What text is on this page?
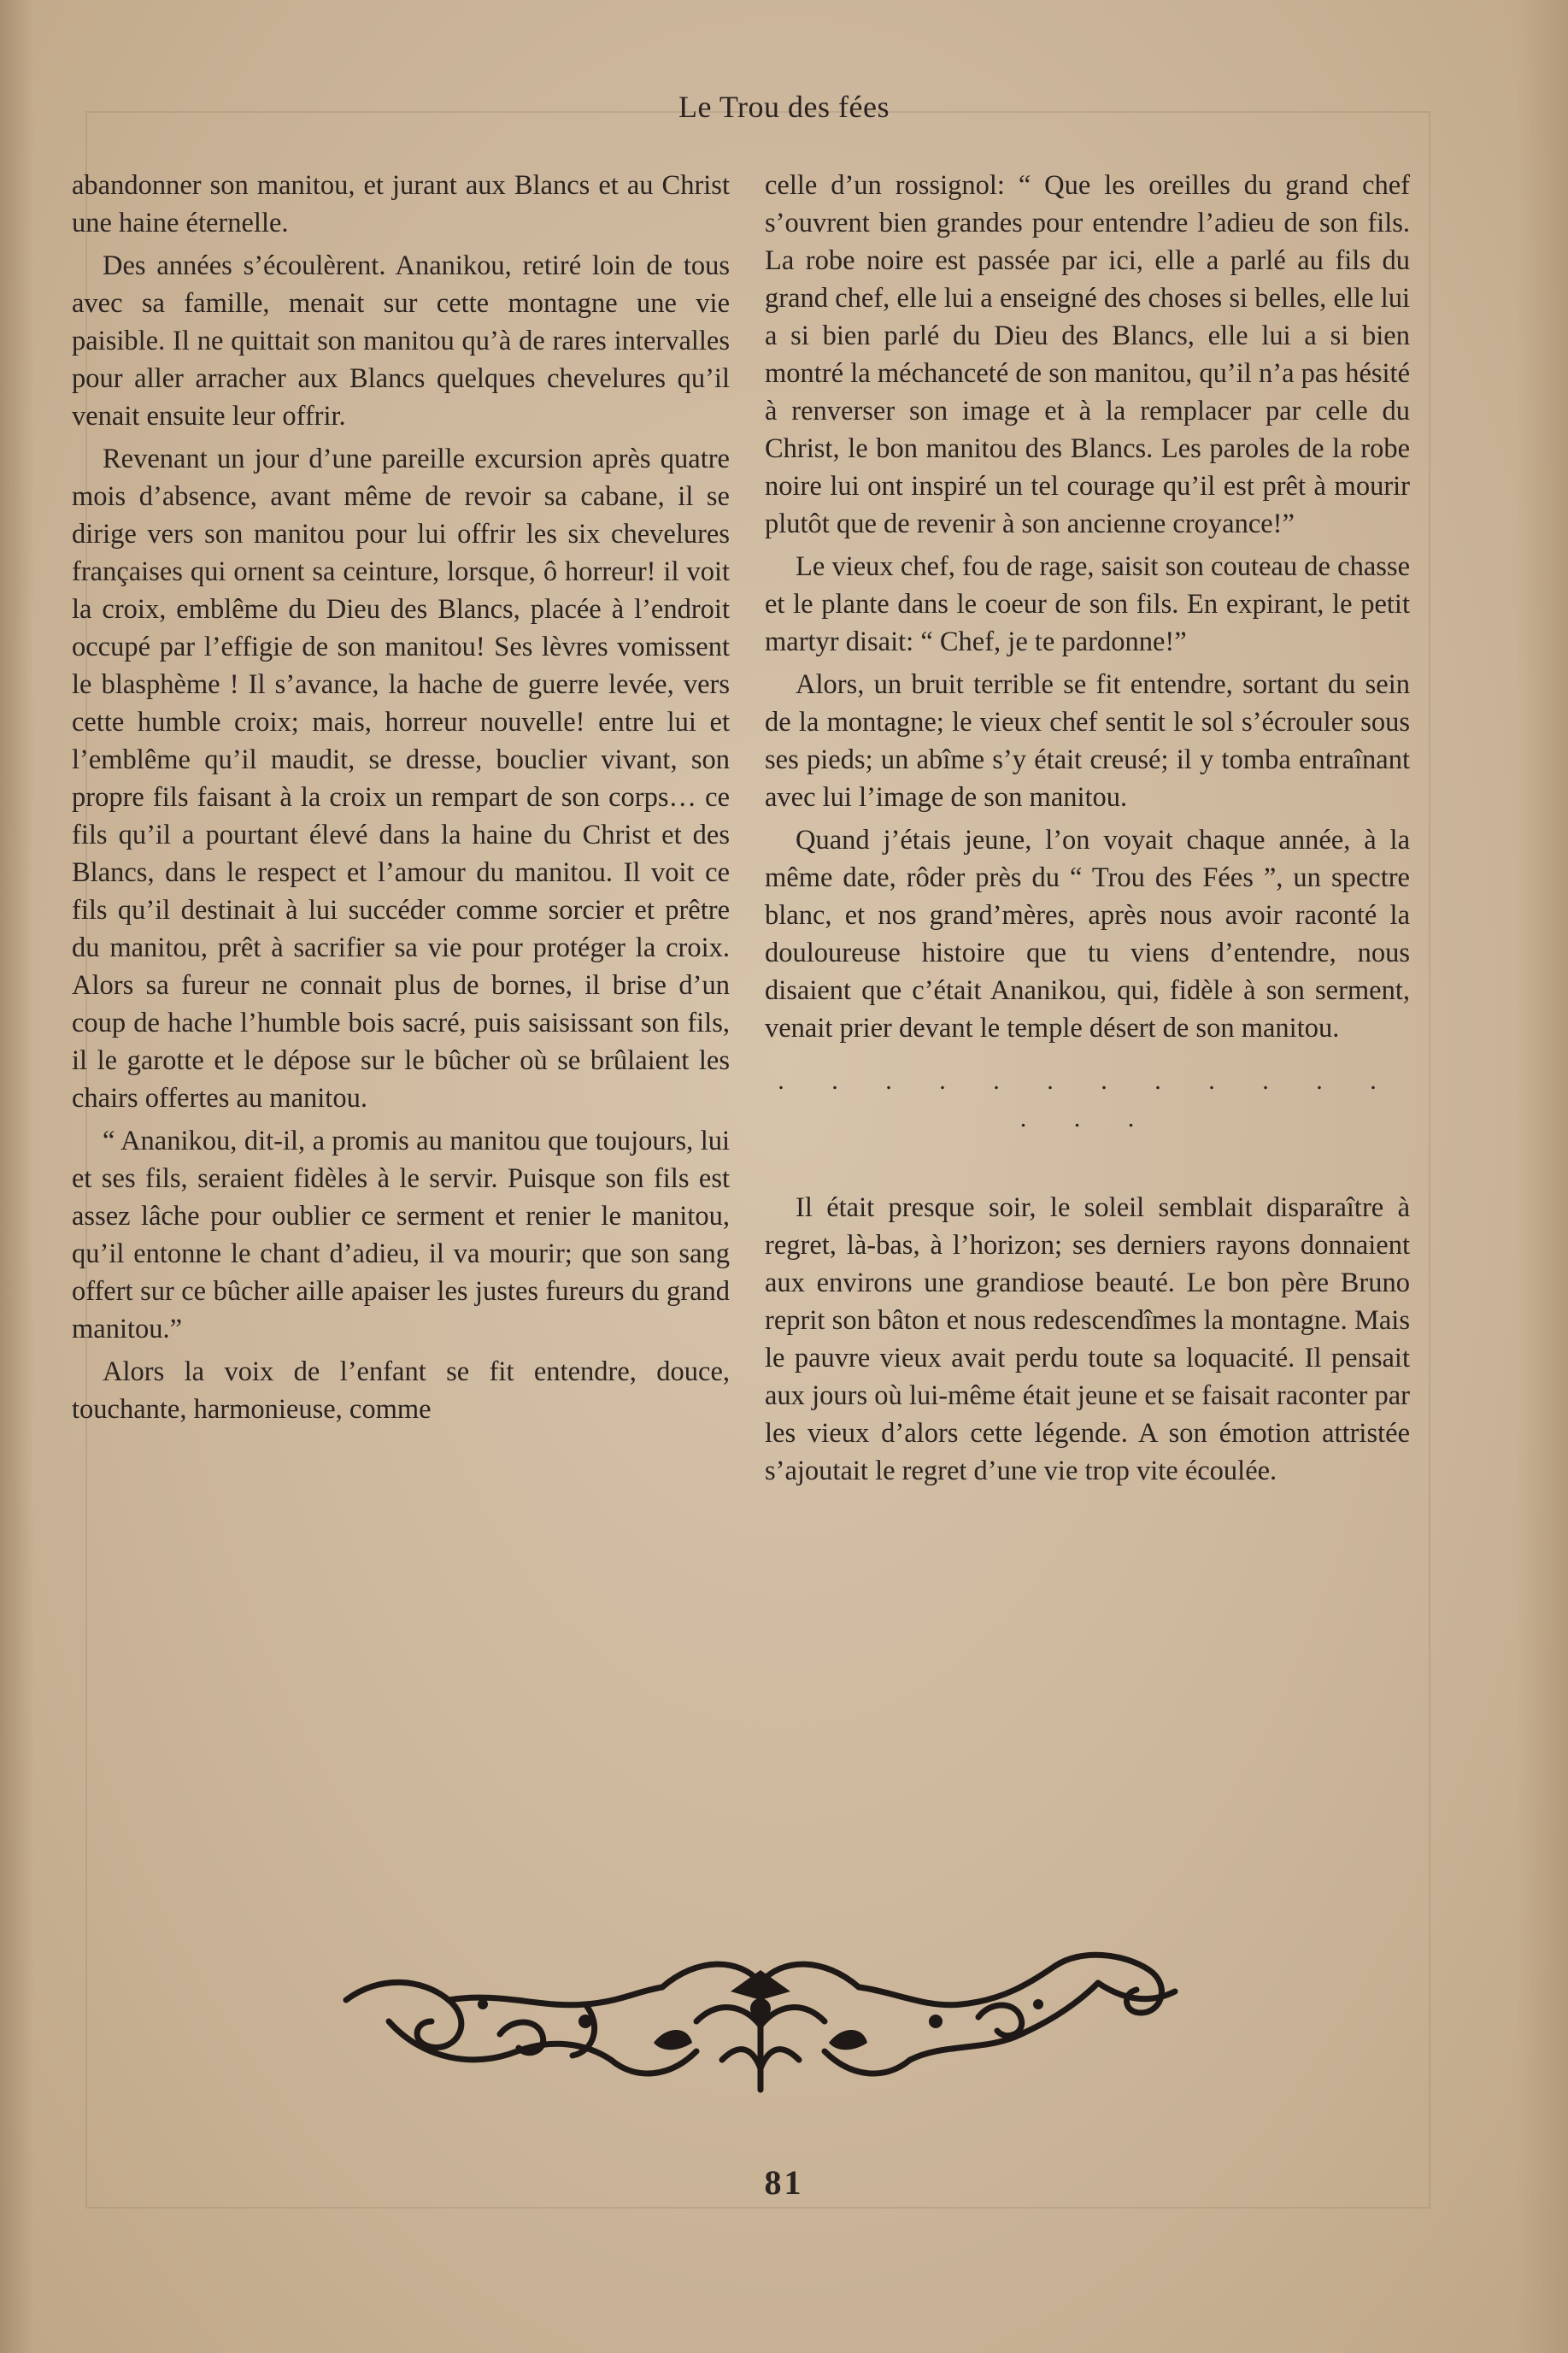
Le Trou des fées

abandonner son manitou, et jurant aux Blancs et au Christ une haine éternelle.

Des années s’écoulèrent. Ananikou, retiré loin de tous avec sa famille, menait sur cette montagne une vie paisible. Il ne quittait son manitou qu’à de rares intervalles pour aller arracher aux Blancs quelques chevelures qu’il venait ensuite leur offrir.

Revenant un jour d’une pareille excursion après quatre mois d’absence, avant même de revoir sa cabane, il se dirige vers son manitou pour lui offrir les six chevelures françaises qui ornent sa ceinture, lorsque, ô horreur! il voit la croix, emblême du Dieu des Blancs, placée à l’endroit occupé par l’effigie de son manitou! Ses lèvres vomissent le blasphème ! Il s’avance, la hache de guerre levée, vers cette humble croix; mais, horreur nouvelle! entre lui et l’emblême qu’il maudit, se dresse, bouclier vivant, son propre fils faisant à la croix un rempart de son corps… ce fils qu’il a pourtant élevé dans la haine du Christ et des Blancs, dans le respect et l’amour du manitou. Il voit ce fils qu’il destinait à lui succéder comme sorcier et prêtre du manitou, prêt à sacrifier sa vie pour protéger la croix. Alors sa fureur ne connait plus de bornes, il brise d’un coup de hache l’humble bois sacré, puis saisissant son fils, il le garotte et le dépose sur le bûcher où se brûlaient les chairs offertes au manitou.

“ Ananikou, dit-il, a promis au manitou que toujours, lui et ses fils, seraient fidèles à le servir. Puisque son fils est assez lâche pour oublier ce serment et renier le manitou, qu’il entonne le chant d’adieu, il va mourir; que son sang offert sur ce bûcher aille apaiser les justes fureurs du grand manitou.”

Alors la voix de l’enfant se fit entendre, douce, touchante, harmonieuse, comme

celle d’un rossignol: “ Que les oreilles du grand chef s’ouvrent bien grandes pour entendre l’adieu de son fils. La robe noire est passée par ici, elle a parlé au fils du grand chef, elle lui a enseigné des choses si belles, elle lui a si bien parlé du Dieu des Blancs, elle lui a si bien montré la méchanceté de son manitou, qu’il n’a pas hésité à renverser son image et à la remplacer par celle du Christ, le bon manitou des Blancs. Les paroles de la robe noire lui ont inspiré un tel courage qu’il est prêt à mourir plutôt que de revenir à son ancienne croyance!”

Le vieux chef, fou de rage, saisit son couteau de chasse et le plante dans le coeur de son fils. En expirant, le petit martyr disait: “ Chef, je te pardonne!”

Alors, un bruit terrible se fit entendre, sortant du sein de la montagne; le vieux chef sentit le sol s’écrouler sous ses pieds; un abîme s’y était creusé; il y tomba entraînant avec lui l’image de son manitou.

Quand j’étais jeune, l’on voyait chaque année, à la même date, rôder près du “ Trou des Fées ”, un spectre blanc, et nos grand’mères, après nous avoir raconté la douloureuse histoire que tu viens d’entendre, nous disaient que c’était Ananikou, qui, fidèle à son serment, venait prier devant le temple désert de son manitou.

. . . . . . . . . . . . . . .

Il était presque soir, le soleil semblait disparaître à regret, là-bas, à l’horizon; ses derniers rayons donnaient aux environs une grandiose beauté. Le bon père Bruno reprit son bâton et nous redescendîmes la montagne. Mais le pauvre vieux avait perdu toute sa loquacité. Il pensait aux jours où lui-même était jeune et se faisait raconter par les vieux d’alors cette légende. A son émotion attristée s’ajoutait le regret d’une vie trop vite écoulée.

81
